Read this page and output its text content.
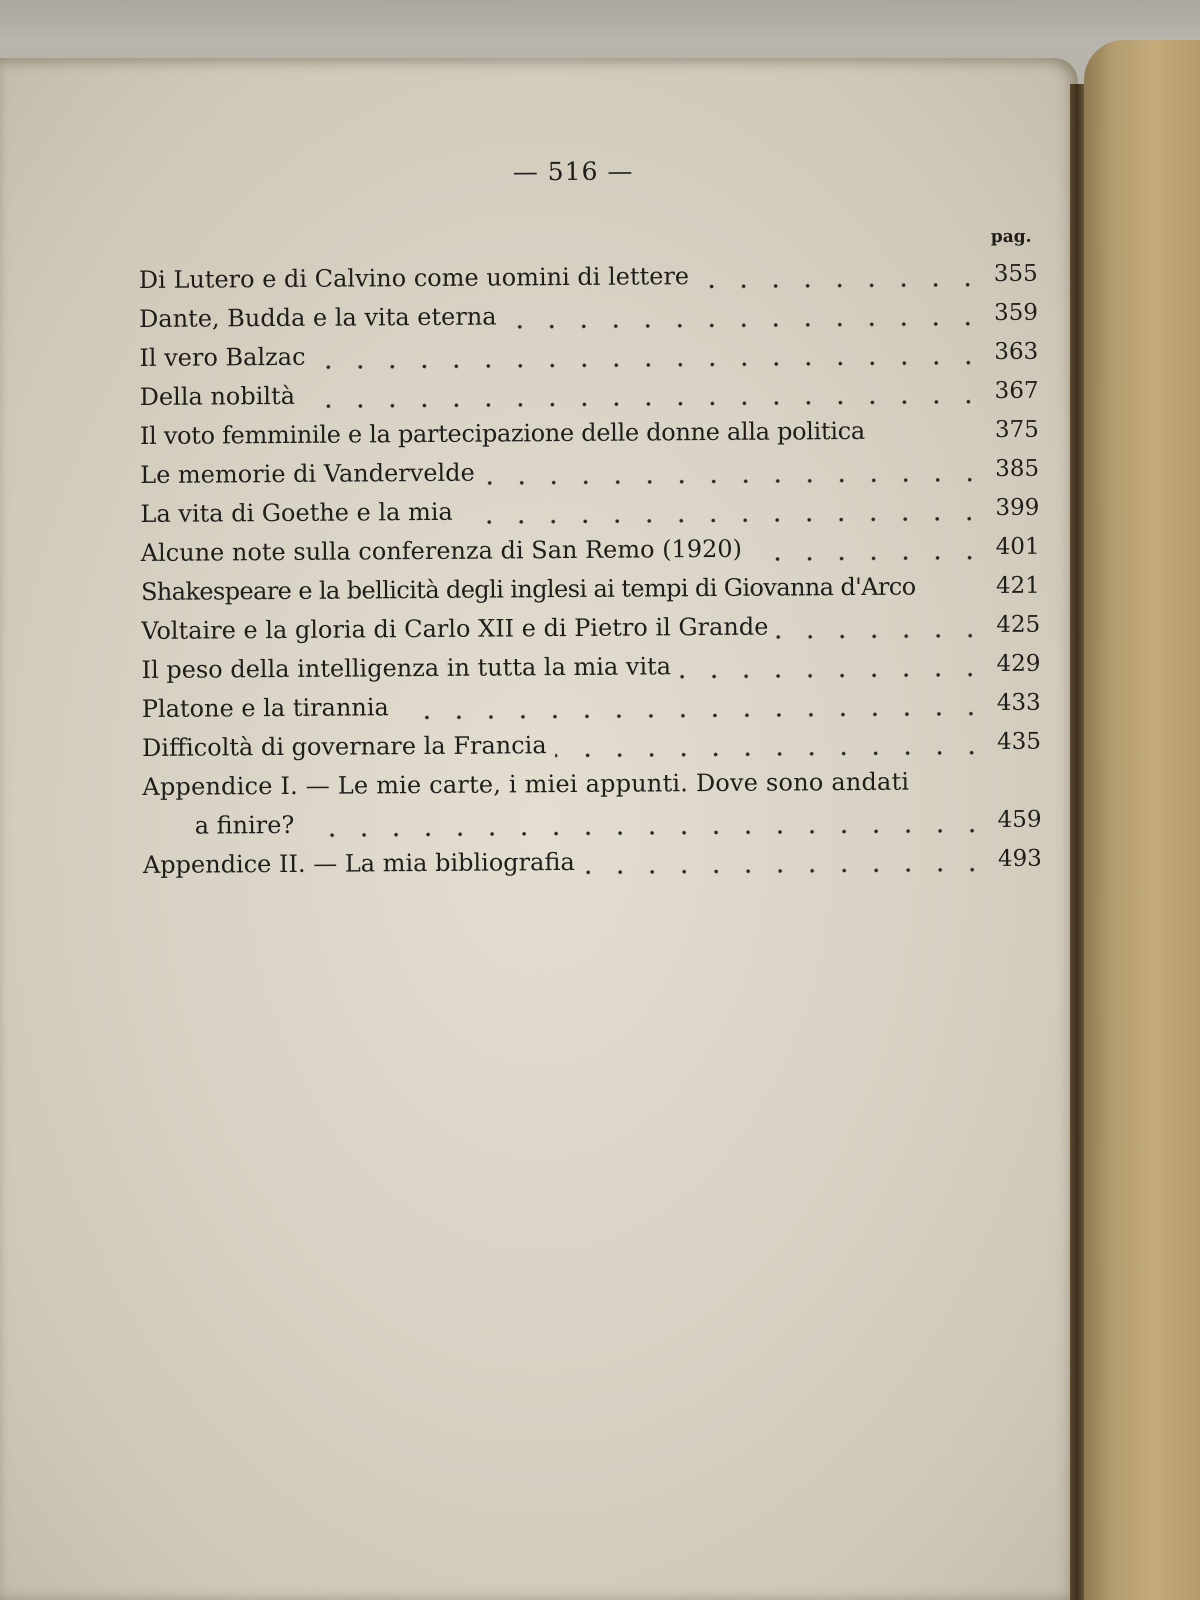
— 516 —
pag.
Di Lutero e di Calvino come uomini di lettere	355
Dante, Budda e la vita eterna	359
Il vero Balzac	363
Della nobiltà	367
Il voto femminile e la partecipazione delle donne alla politica	375
Le memorie di Vandervelde	385
La vita di Goethe e la mia	399
Alcune note sulla conferenza di San Remo (1920)	401
Shakespeare e la bellicità degli inglesi ai tempi di Giovanna d'Arco	421
Voltaire e la gloria di Carlo XII e di Pietro il Grande	425
Il peso della intelligenza in tutta la mia vita	429
Platone e la tirannia	433
Difficoltà di governare la Francia	435
Appendice I. — Le mie carte, i miei appunti. Dove sono andati
a finire?	459
Appendice II. — La mia bibliografia	493
